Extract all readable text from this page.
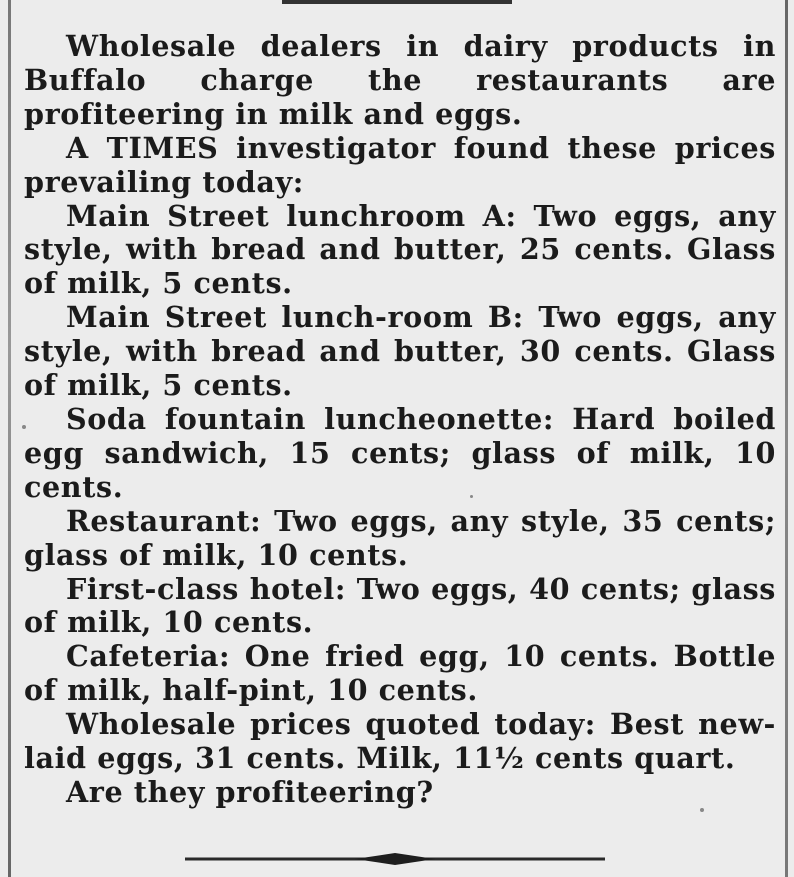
Wholesale dealers in dairy products in Buffalo charge the restaurants are profiteering in milk and eggs.

A TIMES investigator found these prices prevailing today:

Main Street lunchroom A: Two eggs, any style, with bread and butter, 25 cents. Glass of milk, 5 cents.

Main Street lunch-room B: Two eggs, any style, with bread and butter, 30 cents. Glass of milk, 5 cents.

Soda fountain luncheonette: Hard boiled egg sandwich, 15 cents; glass of milk, 10 cents.

Restaurant: Two eggs, any style, 35 cents; glass of milk, 10 cents.

First-class hotel: Two eggs, 40 cents; glass of milk, 10 cents.

Cafeteria: One fried egg, 10 cents. Bottle of milk, half-pint, 10 cents.

Wholesale prices quoted today: Best new-laid eggs, 31 cents. Milk, 11½ cents quart.

Are they profiteering?
